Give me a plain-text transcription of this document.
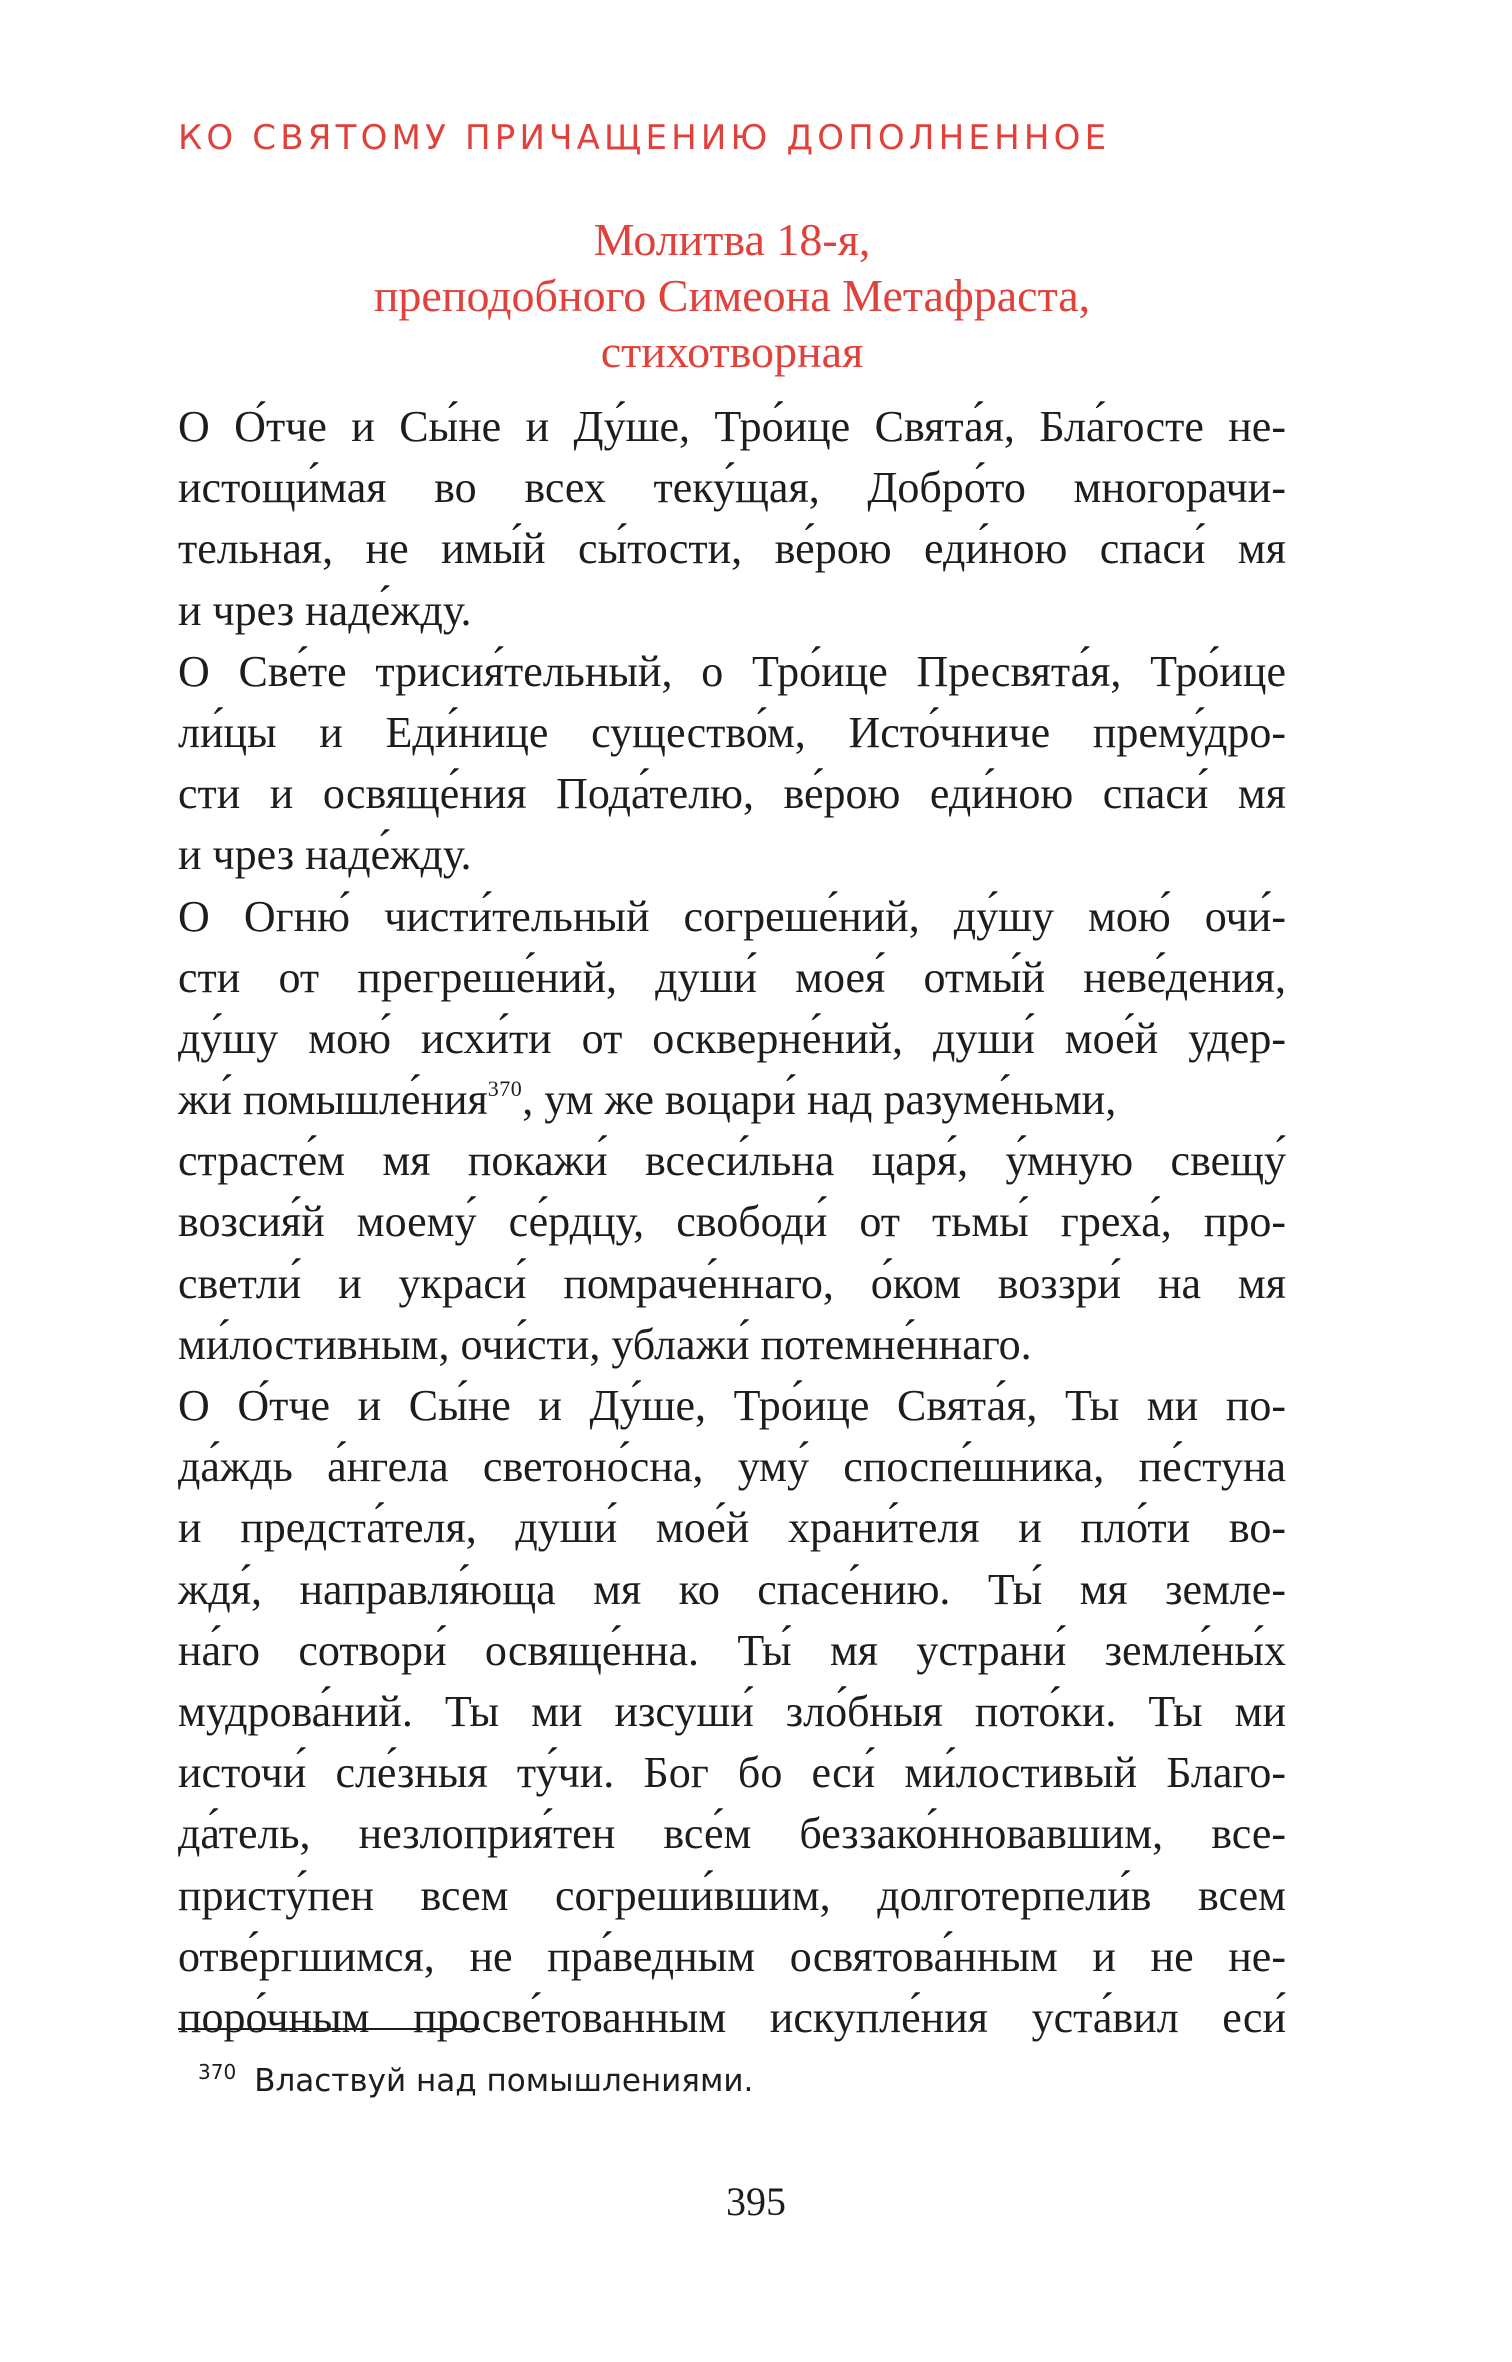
КО СВЯТОМУ ПРИЧАЩЕНИЮ ДОПОЛНЕННОЕ
Молитва 18-я,
преподобного Симеона Метафраста,
стихотворная
О О́тче и Сы́не и Ду́ше, Тро́ице Свята́я, Бла́госте не-
истощи́мая во всех теку́щая, Добро́то многорачи-
тельная, не имы́й сы́тости, ве́рою еди́ною спаси́ мя
и чрез наде́жду.
О Све́те трисия́тельный, о Тро́ице Пресвята́я, Тро́ице
ли́цы и Еди́нице существо́м, Исто́чниче прему́дро-
сти и освяще́ния Пода́телю, ве́рою еди́ною спаси́ мя
и чрез наде́жду.
О Огню́ чисти́тельный согреше́ний, ду́шу мою́ очи́-
сти от прегреше́ний, души́ моея́ отмы́й неве́дения,
ду́шу мою́ исхи́ти от оскверне́ний, души́ мое́й удер-
жи́ помышле́ния$^{370}$, ум же воцари́ над разуме́ньми,
страсте́м мя покажи́ всеси́льна царя́, у́мную свещу́
возсия́й моему́ се́рдцу, свободи́ от тьмы́ греха́, про-
светли́ и украси́ помраче́ннаго, о́ком воззри́ на мя
ми́лостивным, очи́сти, ублажи́ потемне́ннаго.
О О́тче и Сы́не и Ду́ше, Тро́ице Свята́я, Ты ми по-
да́ждь а́нгела светоно́сна, уму́ споспе́шника, пе́стуна
и предста́теля, души́ мое́й храни́теля и пло́ти во-
ждя́, направля́юща мя ко спасе́нию. Ты́ мя земле-
на́го сотвори́ освяще́нна. Ты́ мя устрани́ земле́ны́х
мудрова́ний. Ты ми изсуши́ зло́бныя пото́ки. Ты ми
источи́ сле́зныя ту́чи. Бог бо еси́ ми́лостивый Благо-
да́тель, незлоприя́тен все́м беззако́нновавшим, все-
присту́пен всем согреши́вшим, долготерпели́в всем
отве́ргшимся, не пра́ведным освятова́нным и не не-
поро́чным просве́тованным искупле́ния уста́вил еси́
$^{370}$ Властвуй над помышлениями.
395
